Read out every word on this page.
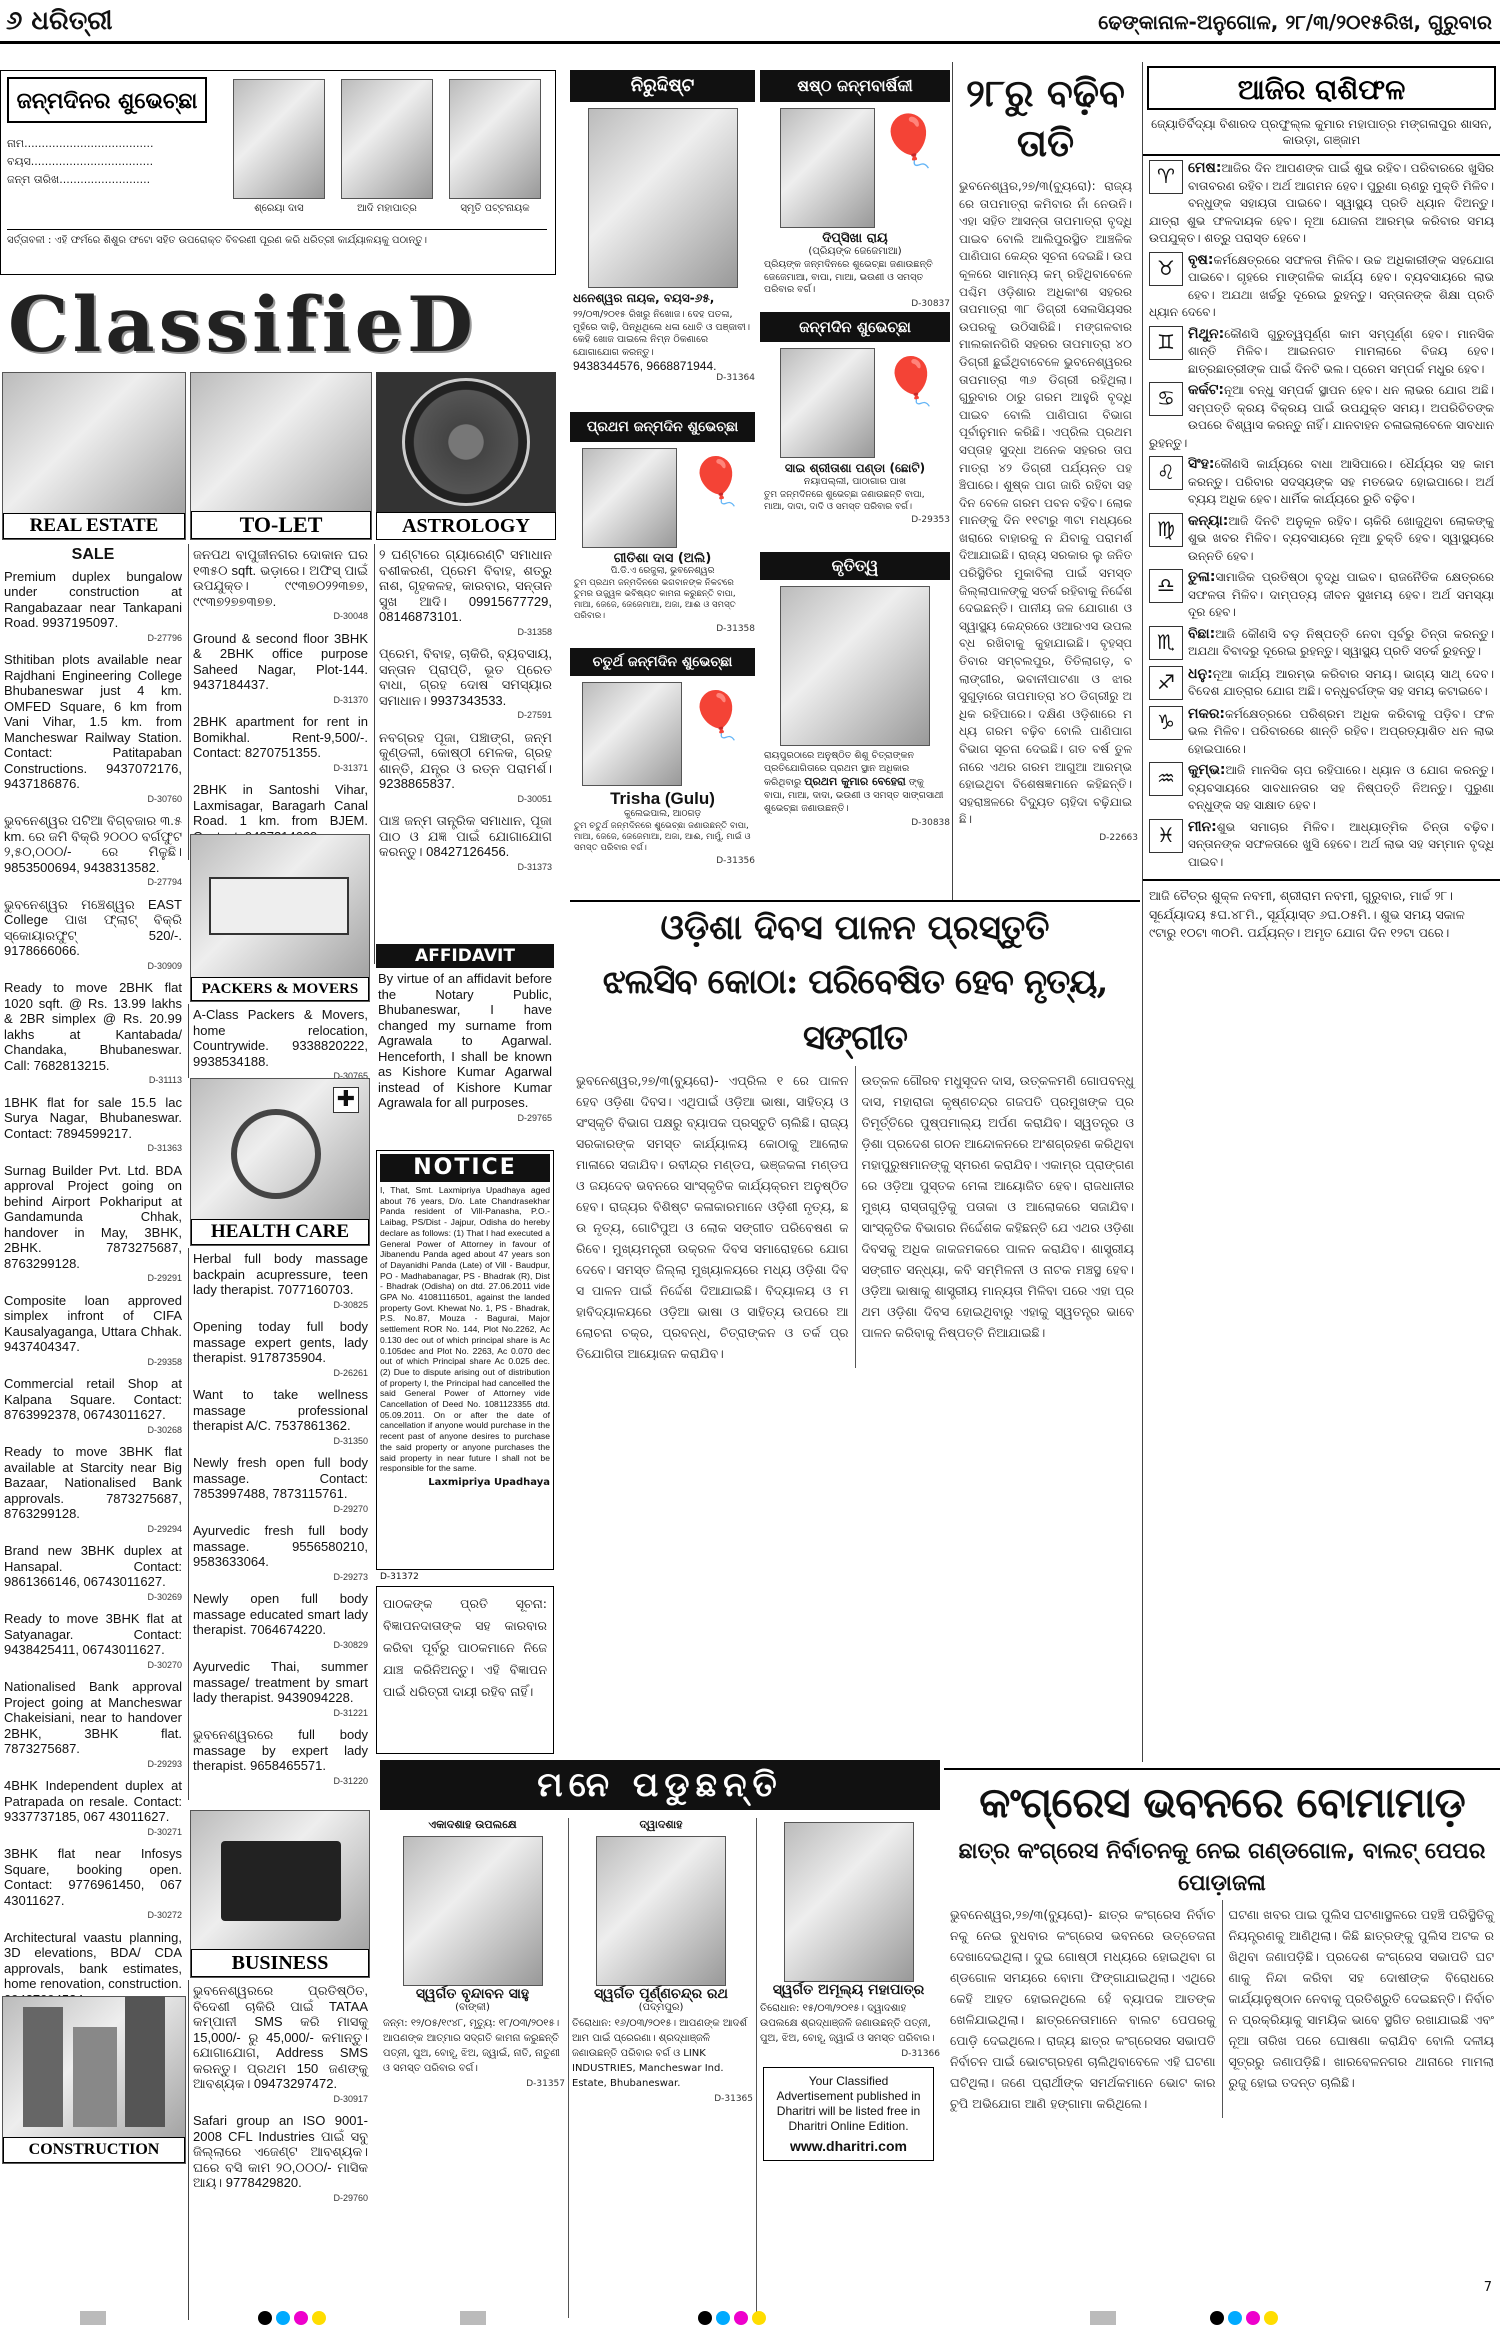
୬ ଧରିତ୍ରୀ	ଢେଙ୍କାନାଳ-ଅନୁଗୋଳ, ୨୮/୩/୨୦୧୫ରିଖ, ଗୁରୁବାର
ଜନ୍ମଦିନର ଶୁଭେଚ୍ଛା
ନାମ.....................................
ବୟସ...................................
ଜନ୍ମ ତାରିଖ..........................
ଶ୍ରେୟା ଦାସ	ଆଦି ମହାପାତ୍ର	ସ୍ମୃତି ପଟ୍ଟନାୟକ
ସର୍ତ୍ତାବଳୀ : ଏହି ଫର୍ମରେ ଶିଶୁର ଫଟୋ ସହିତ ଉପରୋକ୍ତ ବିବରଣୀ ପୂରଣ କରି ଧରିତ୍ରୀ କାର୍ଯ୍ୟାଳୟକୁ ପଠାନ୍ତୁ।
ClassifieD
REAL ESTATE	TO-LET	ASTROLOGY

SALE

Premium duplex bungalow under construction at Rangabazaar near Tankapani Road. 9937195097.
D-27796

Sthitiban plots available near Rajdhani Engineering College Bhubaneswar just 4 km. OMFED Square, 6 km from Vani Vihar, 1.5 km. from Mancheswar Railway Station. Contact: Patitapaban Constructions. 9437072176, 9437186876.
D-30760

ଭୁବନେଶ୍ୱର ପଟିଆ ବିଗ୍‌ବଜାର ୩.୫ km. ରେ ଜମି ବିକ୍ରି ୨୦୦୦ ବର୍ଗଫୁଟ ୨,୫୦,୦୦୦/- ରେ ମିଳୁଛି। 9853500694, 9438313582.
D-27794

ଭୁବନେଶ୍ୱର ମଞ୍ଚେଶ୍ୱର EAST College ପାଖ ଫ୍ଲାଟ୍ ବିକ୍ରି ସ୍କୋୟାରଫୁଟ୍ 520/-. 9178666066.
D-30909

Ready to move 2BHK flat 1020 sqft. @ Rs. 13.99 lakhs & 2BR simplex @ Rs. 20.99 lakhs at Kantabada/ Chandaka, Bhubaneswar. Call: 7682813215.
D-31113

1BHK flat for sale 15.5 lac Surya Nagar, Bhubaneswar. Contact: 7894599217.
D-31363

Surnag Builder Pvt. Ltd. BDA approval Project going on behind Airport Pokhariput at Gandamunda Chhak, handover in May, 3BHK, 2BHK. 7873275687, 8763299128.
D-29291

Composite loan approved simplex infront of CIFA Kausalyaganga, Uttara Chhak. 9437404347.
D-29358

Commercial retail Shop at Kalpana Square. Contact: 8763992378, 06743011627.
D-30268

Ready to move 3BHK flat available at Starcity near Big Bazaar, Nationalised Bank approvals. 7873275687, 8763299128.
D-29294

Brand new 3BHK duplex at Hansapal. Contact: 9861366146, 06743011627.
D-30269

Ready to move 3BHK flat at Satyanagar. Contact: 9438425411, 06743011627.
D-30270

Nationalised Bank approval Project going at Mancheswar Chakeisiani, near to handover 2BHK, 3BHK flat. 7873275687.
D-29293

4BHK Independent duplex at Patrapada on resale. Contact: 9337737185, 067 43011627.
D-30271

3BHK flat near Infosys Square, booking open. Contact: 9776961450, 067 43011627.
D-30272

Architectural vaastu planning, 3D elevations, BDA/ CDA approvals, bank estimates, home renovation, construction.

ଜନପଥ ବାପୁଜୀନଗର ଦୋକାନ ଘର ୧୩୫୦ sqft. ଭଡ଼ାରେ। ଅଫିସ୍ ପାଇଁ ଉପଯୁକ୍ତ। ୯୯୩୭୦୨୨୩୭୭, ୯୯୩୭୨୭୭୩୭୭.
D-30048

Ground & second floor 3BHK & 2BHK office purpose Saheed Nagar, Plot-144. 9437184437.
D-31370

2BHK apartment for rent in Bomikhal. Rent-9,500/-. Contact: 8270751355.
D-31371

2BHK in Santoshi Vihar, Laxmisagar, Baragarh Canal Road. 1 km. from BJEM.

PACKERS & MOVERS

A-Class Packers & Movers, home relocation, Countrywide. 9338820222, 9938534188.
D-30765

✚
HEALTH CARE

Herbal full body massage backpain acupressure, teen lady therapist. 7077160703.
D-30825

Opening today full body massage expert gents, lady therapist. 9178735904.
D-26261

Want to take wellness massage professional therapist A/C. 7537861362.
D-31350

Newly fresh open full body massage. Contact: 7853997488, 7873115761.
D-29270

Ayurvedic fresh full body massage. 9556580210, 9583633064.
D-29273

Newly open full body massage educated smart lady therapist. 7064674220.
D-30829

Ayurvedic Thai, summer massage/ treatment by smart lady therapist. 9439094228.
D-31221

ଭୁବନେଶ୍ୱରରେ full body massage by expert lady therapist. 9658465571.
D-31220

BUSINESS

ଭୁବନେଶ୍ୱରରେ ପ୍ରତିଷ୍ଠିତ, ବିଦେଶୀ ଚାକିରି ପାଇଁ TATAA କମ୍ପାନୀ SMS କରି ମାସକୁ 15,000/- ରୁ 45,000/- କମାନ୍ତୁ। ଯୋଗାଯୋଗ, Address SMS କରନ୍ତୁ। ପ୍ରଥମ 150 ଜଣଙ୍କୁ ଆବଶ୍ୟକ। 09473297472.
D-30917

Safari group an ISO 9001-2008 CFL Industries ପାଇଁ ସବୁ ଜିଲ୍ଲାରେ ଏଜେଣ୍ଟ ଆବଶ୍ୟକ। ଘରେ ବସି କାମ ୨୦,୦୦୦/- ମାସିକ ଆୟ। 9778429820.
D-29760

୨ ଘଣ୍ଟାରେ ଗ୍ୟାରେଣ୍ଟି ସମାଧାନ ବଶୀକରଣ, ପ୍ରେମ ବିବାହ, ଶତ୍ରୁ ନାଶ, ଗୃହକଳହ, କାରବାର, ସନ୍ତାନ ସୁଖ ଆଦି। 09915677729, 08146873101.
D-31358

ପ୍ରେମ, ବିବାହ, ଚାକିରି, ବ୍ୟବସାୟ, ସନ୍ତାନ ପ୍ରାପ୍ତି, ଭୂତ ପ୍ରେତ ବାଧା, ଗ୍ରହ ଦୋଷ ସମସ୍ୟାର ସମାଧାନ। 9937343533.
D-27591

ନବଗ୍ରହ ପୂଜା, ପଞ୍ଚାଙ୍ଗ, ଜନ୍ମ କୁଣ୍ଡଳୀ, କୋଷ୍ଠୀ ମେଳକ, ଗ୍ରହ ଶାନ୍ତି, ଯନ୍ତ୍ର ଓ ରତ୍ନ ପରାମର୍ଶ। 9238865837.
D-30051

ପାଞ୍ଚ ଜନ୍ମ ତାନ୍ତ୍ରିକ ସମାଧାନ, ପୂଜା ପାଠ ଓ ଯଜ୍ଞ ପାଇଁ ଯୋଗାଯୋଗ କରନ୍ତୁ। 08427126456.
D-31373

AFFIDAVIT
By virtue of an affidavit before the Notary Public, Bhubaneswar, I have changed my surname from Agrawala to Agarwal. Henceforth, I shall be known as Kishore Kumar Agarwal instead of Kishore Kumar Agrawala for all purposes.
D-29765
NOTICE
I, That, Smt. Laxmipriya Upadhaya aged about 76 years, D/o. Late Chandrasekhar Panda resident of Vill-Panasha, P.O.- Laibag, PS/Dist - Jajpur, Odisha do hereby declare as follows: (1) That I had executed a General Power of Attorney in favour of Jibanendu Panda aged about 47 years son of Dayanidhi Panda (Late) of Vill - Baudpur, PO - Madhabanagar, PS - Bhadrak (R), Dist - Bhadrak (Odisha) on dtd. 27.06.2011 vide GPA No. 41081116501, against the landed property Govt. Khewat No. 1, PS - Bhadrak, P.S. No.87, Mouza - Bagurai, Major settlement ROR No. 144, Plot No.2262, Ac 0.130 dec out of which principal share is Ac 0.105dec and Plot No. 2263, Ac 0.070 dec out of which Principal share Ac 0.025 dec. (2) Due to dispute arising out of distribution of property I, the Principal had cancelled the said General Power of Attorney vide Cancellation of Deed No. 1081123355 dtd. 05.09.2011. On or after the date of cancellation if anyone would purchase in the recent past of anyone desires to purchase the said property or anyone purchases the said property in near future I shall not be responsible for the same.
Laxmipriya Upadhaya
D-31372
ପାଠକଙ୍କ ପ୍ରତି ସୂଚନା: ବିଜ୍ଞାପନଦାତାଙ୍କ ସହ କାରବାର କରିବା ପୂର୍ବରୁ ପାଠକମାନେ ନିଜେ ଯାଞ୍ଚ କରିନିଅନ୍ତୁ। ଏହି ବିଜ୍ଞାପନ ପାଇଁ ଧରିତ୍ରୀ ଦାୟୀ ରହିବ ନାହିଁ।
CONSTRUCTION
ନିରୁଦ୍ଦିଷ୍ଟ
ଧନେଶ୍ୱର ନାୟକ, ବୟସ-୬୫,
୨୨/୦୩/୨୦୧୫ ରିଖରୁ ନିଖୋଜ। ଦେହ ପତଳା, ମୁହଁରେ ଦାଢ଼ି, ପିନ୍ଧିଥିଲେ ଧଳା ଧୋତି ଓ ପଞ୍ଜାବୀ। କେହି ଖୋଜ ପାଇଲେ ନିମ୍ନ ଠିକଣାରେ ଯୋଗାଯୋଗ କରନ୍ତୁ।
9438344576, 9668871944.
D-31364
ଷଷ୍ଠ ଜନ୍ମବାର୍ଷିକୀ
🎈
ଦିପ୍ସିଖା ରାୟ
(ପ୍ରିୟଙ୍କ ଜେଜେମାଆ)
ପ୍ରିୟଙ୍କ ଜନ୍ମଦିନରେ ଶୁଭେଚ୍ଛା ଜଣାଉଛନ୍ତି ଜେଜେମାଆ, ବାପା, ମାଆ, ଭଉଣୀ ଓ ସମସ୍ତ ପରିବାର ବର୍ଗ।
D-30837
ଜନ୍ମଦିନ ଶୁଭେଚ୍ଛା
🎈
ସାଇ ଶ୍ରୀତାଶା ପଣ୍ଡା (ଛୋଟି)
ନୟାପଲ୍ଲୀ, ପାଠାଗାର ପାଖ
ତୁମ ଜନ୍ମଦିନରେ ଶୁଭେଚ୍ଛା ଜଣାଉଛନ୍ତି ବାପା, ମାଆ, ଦାଦା, ଦାଦି ଓ ସମସ୍ତ ପରିବାର ବର୍ଗ।
D-29353
ପ୍ରଥମ ଜନ୍ମଦିନ ଶୁଭେଚ୍ଛା
🎈
ଗୀତିଶା ଦାସ (ଅଲି)
ପି.ଡି.ଏ ରେଜୁଲା, ଭୁବନେଶ୍ୱର
ତୁମ ପ୍ରଥମ ଜନ୍ମଦିନରେ ଭଗବାନଙ୍କ ନିକଟରେ ତୁମର ଉଜ୍ଜ୍ୱଳ ଭବିଷ୍ୟତ କାମନା କରୁଛନ୍ତି ବାପା, ମାଆ, ଜେଜେ, ଜେଜେମାଆ, ଅଜା, ଆଈ ଓ ସମସ୍ତ ପରିବାର।
D-31358
କୃତିତ୍ୱ
ରାୟପୁରଠାରେ ଅନୁଷ୍ଠିତ ଶିଶୁ ଚିତ୍ରାଙ୍କନ ପ୍ରତିଯୋଗିତାରେ ପ୍ରଥମ ସ୍ଥାନ ଅଧିକାର କରିଥିବାରୁ ପ୍ରଥମ କୁମାର ବେହେରା ଙ୍କୁ ବାପା, ମାଆ, ଦାଦା, ଭଉଣୀ ଓ ସମସ୍ତ ସାଙ୍ଗସାଥୀ ଶୁଭେଚ୍ଛା ଜଣାଉଛନ୍ତି।
D-30838
ଚତୁର୍ଥ ଜନ୍ମଦିନ ଶୁଭେଚ୍ଛା
🎈
Trisha (Gulu)
କୁଲେଇପାଲ, ଆଠଗଡ଼
ତୁମ ଚତୁର୍ଥ ଜନ୍ମଦିନରେ ଶୁଭେଚ୍ଛା ଜଣାଉଛନ୍ତି ବାପା, ମାଆ, ଜେଜେ, ଜେଜେମାଆ, ଅଜା, ଆଈ, ମାମୁଁ, ମାଇଁ ଓ ସମସ୍ତ ପରିବାର ବର୍ଗ।
D-31356
୨୮ରୁ ବଢ଼ିବ ତାତି
ଭୁବନେଶ୍ୱର,୨୭/୩(ବ୍ୟୁରୋ): ରାଜ୍ୟରେ ତାପମାତ୍ରା କମିବାର ନାଁ ନେଉନି। ଏହା ସହିତ ଆସନ୍ତା ତାପମାତ୍ରା ବୃଦ୍ଧି ପାଇବ ବୋଲି ଆଲିପୁରସ୍ଥିତ ଆଞ୍ଚଳିକ ପାଣିପାଗ କେନ୍ଦ୍ର ସୂଚନା ଦେଇଛି। ଉପକୂଳରେ ସାମାନ୍ୟ କମ୍ ରହିଥିବାବେଳେ ପଶ୍ଚିମ ଓଡ଼ିଶାର ଅଧିକାଂଶ ସହରର ତାପମାତ୍ରା ୩୮ ଡିଗ୍ରୀ ସେଲସିୟସର ଉପରକୁ ଉଠିସାରିଛି। ମଙ୍ଗଳବାର ମାଲକାନଗିରି ସହରର ତାପମାତ୍ରା ୪୦ ଡିଗ୍ରୀ ଛୁଇଁଥିବାବେଳେ ଭୁବନେଶ୍ୱରର ତାପମାତ୍ରା ୩୬ ଡିଗ୍ରୀ ରହିଥିଲା। ଗୁରୁବାର ଠାରୁ ଗରମ ଆହୁରି ବୃଦ୍ଧି ପାଇବ ବୋଲି ପାଣିପାଗ ବିଭାଗ ପୂର୍ବାନୁମାନ କରିଛି। ଏପ୍ରିଲ ପ୍ରଥମ ସପ୍ତାହ ସୁଦ୍ଧା ଅନେକ ସହରର ତାପମାତ୍ରା ୪୨ ଡିଗ୍ରୀ ପର୍ଯ୍ୟନ୍ତ ପହଞ୍ଚିପାରେ। ଶୁଷ୍କ ପାଗ ଜାରି ରହିବା ସହ ଦିନ ବେଳେ ଗରମ ପବନ ବହିବ। ଲୋକମାନଙ୍କୁ ଦିନ ୧୧ଟାରୁ ୩ଟା ମଧ୍ୟରେ ଖରାରେ ବାହାରକୁ ନ ଯିବାକୁ ପରାମର୍ଶ ଦିଆଯାଇଛି। ରାଜ୍ୟ ସରକାର ଲୁ ଜନିତ ପରିସ୍ଥିତିର ମୁକାବିଲା ପାଇଁ ସମସ୍ତ ଜିଲ୍ଲାପାଳଙ୍କୁ ସତର୍କ ରହିବାକୁ ନିର୍ଦ୍ଦେଶ ଦେଇଛନ୍ତି। ପାନୀୟ ଜଳ ଯୋଗାଣ ଓ ସ୍ୱାସ୍ଥ୍ୟ କେନ୍ଦ୍ରରେ ଓଆରଏସ ଉପଲବ୍ଧ ରଖିବାକୁ କୁହାଯାଇଛି। ବୃହସ୍ପତିବାର ସମ୍ବଲପୁର, ତିତିଲାଗଡ଼, ବଲାଙ୍ଗୀର, ଭବାନୀପାଟଣା ଓ ଝାରସୁଗୁଡ଼ାରେ ତାପମାତ୍ରା ୪୦ ଡିଗ୍ରୀରୁ ଅଧିକ ରହିପାରେ। ଦକ୍ଷିଣ ଓଡ଼ିଶାରେ ମଧ୍ୟ ଗରମ ବଢ଼ିବ ବୋଲି ପାଣିପାଗ ବିଭାଗ ସୂଚନା ଦେଇଛି। ଗତ ବର୍ଷ ତୁଳନାରେ ଏଥର ଗରମ ଆଗୁଆ ଆରମ୍ଭ ହୋଇଥିବା ବିଶେଷଜ୍ଞମାନେ କହିଛନ୍ତି। ସହରାଞ୍ଚଳରେ ବିଦ୍ୟୁତ ଚାହିଦା ବଢ଼ିଯାଇଛି।
D-22663
ଆଜିର ରାଶିଫଳ
ଜ୍ୟୋତିର୍ବିଦ୍ୟା ବିଶାରଦ ପ୍ରଫୁଲ୍ଲ କୁମାର ମହାପାତ୍ର ମଙ୍ଗଳାପୁର ଶାସନ, କାଉଡ଼ା, ଗଞ୍ଜାମ
♈ ମେଷ:ଆଜିର ଦିନ ଆପଣଙ୍କ ପାଇଁ ଶୁଭ ରହିବ। ପରିବାରରେ ଖୁସିର ବାତାବରଣ ରହିବ। ଅର୍ଥ ଆଗମନ ହେବ। ପୁରୁଣା ଋଣରୁ ମୁକ୍ତି ମିଳିବ। ବନ୍ଧୁଙ୍କ ସହାୟତା ପାଇବେ। ସ୍ୱାସ୍ଥ୍ୟ ପ୍ରତି ଧ୍ୟାନ ଦିଅନ୍ତୁ। ଯାତ୍ରା ଶୁଭ ଫଳଦାୟକ ହେବ। ନୂଆ ଯୋଜନା ଆରମ୍ଭ କରିବାର ସମୟ ଉପଯୁକ୍ତ। ଶତ୍ରୁ ପରାସ୍ତ ହେବେ।
♉ ବୃଷ:କର୍ମକ୍ଷେତ୍ରରେ ସଫଳତା ମିଳିବ। ଉଚ୍ଚ ଅଧିକାରୀଙ୍କ ସହଯୋଗ ପାଇବେ। ଗୃହରେ ମାଙ୍ଗଳିକ କାର୍ଯ୍ୟ ହେବ। ବ୍ୟବସାୟରେ ଲାଭ ହେବ। ଅଯଥା ଖର୍ଚ୍ଚରୁ ଦୂରେଇ ରୁହନ୍ତୁ। ସନ୍ତାନଙ୍କ ଶିକ୍ଷା ପ୍ରତି ଧ୍ୟାନ ଦେବେ।
♊ ମିଥୁନ:କୌଣସି ଗୁରୁତ୍ୱପୂର୍ଣ୍ଣ କାମ ସମ୍ପୂର୍ଣ୍ଣ ହେବ। ମାନସିକ ଶାନ୍ତି ମିଳିବ। ଆଇନଗତ ମାମଲାରେ ବିଜୟ ହେବ। ଛାତ୍ରଛାତ୍ରୀଙ୍କ ପାଇଁ ଦିନଟି ଭଲ। ପ୍ରେମ ସମ୍ପର୍କ ମଧୁର ହେବ।
♋ କର୍କଟ:ନୂଆ ବନ୍ଧୁ ସମ୍ପର୍କ ସ୍ଥାପନ ହେବ। ଧନ ଲାଭର ଯୋଗ ଅଛି। ସମ୍ପତ୍ତି କ୍ରୟ ବିକ୍ରୟ ପାଇଁ ଉପଯୁକ୍ତ ସମୟ। ଅପରିଚିତଙ୍କ ଉପରେ ବିଶ୍ୱାସ କରନ୍ତୁ ନାହିଁ। ଯାନବାହନ ଚଳାଇଲାବେଳେ ସାବଧାନ ରୁହନ୍ତୁ।
♌ ସିଂହ:କୌଣସି କାର୍ଯ୍ୟରେ ବାଧା ଆସିପାରେ। ଧୈର୍ଯ୍ୟର ସହ କାମ କରନ୍ତୁ। ପରିବାର ସଦସ୍ୟଙ୍କ ସହ ମତଭେଦ ହୋଇପାରେ। ଅର୍ଥ ବ୍ୟୟ ଅଧିକ ହେବ। ଧାର୍ମିକ କାର୍ଯ୍ୟରେ ରୁଚି ବଢ଼ିବ।
♍ କନ୍ୟା:ଆଜି ଦିନଟି ଅନୁକୂଳ ରହିବ। ଚାକିରି ଖୋଜୁଥିବା ଲୋକଙ୍କୁ ଶୁଭ ଖବର ମିଳିବ। ବ୍ୟବସାୟରେ ନୂଆ ଚୁକ୍ତି ହେବ। ସ୍ୱାସ୍ଥ୍ୟରେ ଉନ୍ନତି ହେବ।
♎ ତୁଳା:ସାମାଜିକ ପ୍ରତିଷ୍ଠା ବୃଦ୍ଧି ପାଇବ। ରାଜନୈତିକ କ୍ଷେତ୍ରରେ ସଫଳତା ମିଳିବ। ଦାମ୍ପତ୍ୟ ଜୀବନ ସୁଖମୟ ହେବ। ଅର୍ଥ ସମସ୍ୟା ଦୂର ହେବ।
♏ ବିଛା:ଆଜି କୌଣସି ବଡ଼ ନିଷ୍ପତ୍ତି ନେବା ପୂର୍ବରୁ ଚିନ୍ତା କରନ୍ତୁ। ଅଯଥା ବିବାଦରୁ ଦୂରେଇ ରୁହନ୍ତୁ। ସ୍ୱାସ୍ଥ୍ୟ ପ୍ରତି ସତର୍କ ରୁହନ୍ତୁ।
♐ ଧନୁ:ନୂଆ କାର୍ଯ୍ୟ ଆରମ୍ଭ କରିବାର ସମୟ। ଭାଗ୍ୟ ସାଥ୍ ଦେବ। ବିଦେଶ ଯାତ୍ରାର ଯୋଗ ଅଛି। ବନ୍ଧୁବର୍ଗଙ୍କ ସହ ସମୟ କଟାଇବେ।
♑ ମକର:କର୍ମକ୍ଷେତ୍ରରେ ପରିଶ୍ରମ ଅଧିକ କରିବାକୁ ପଡ଼ିବ। ଫଳ ଭଲ ମିଳିବ। ପରିବାରରେ ଶାନ୍ତି ରହିବ। ଅପ୍ରତ୍ୟାଶିତ ଧନ ଲାଭ ହୋଇପାରେ।
♒ କୁମ୍ଭ:ଆଜି ମାନସିକ ଚାପ ରହିପାରେ। ଧ୍ୟାନ ଓ ଯୋଗ କରନ୍ତୁ। ବ୍ୟବସାୟରେ ସାବଧାନତାର ସହ ନିଷ୍ପତ୍ତି ନିଅନ୍ତୁ। ପୁରୁଣା ବନ୍ଧୁଙ୍କ ସହ ସାକ୍ଷାତ ହେବ।
♓ ମୀନ:ଶୁଭ ସମାଚାର ମିଳିବ। ଆଧ୍ୟାତ୍ମିକ ଚିନ୍ତା ବଢ଼ିବ। ସନ୍ତାନଙ୍କ ସଫଳତାରେ ଖୁସି ହେବେ। ଅର୍ଥ ଲାଭ ସହ ସମ୍ମାନ ବୃଦ୍ଧି ପାଇବ।
ଆଜି ଚୈତ୍ର ଶୁକ୍ଳ ନବମୀ, ଶ୍ରୀରାମ ନବମୀ, ଗୁରୁବାର, ମାର୍ଚ୍ଚ ୨୮। ସୂର୍ଯ୍ୟୋଦୟ ୫ଘ.୪୮ମି., ସୂର୍ଯ୍ୟାସ୍ତ ୬ଘ.୦୫ମି.। ଶୁଭ ସମୟ ସକାଳ ୯ଟାରୁ ୧୦ଟା ୩୦ମି. ପର୍ଯ୍ୟନ୍ତ। ଅମୃତ ଯୋଗ ଦିନ ୧୨ଟା ପରେ।
ଓଡ଼ିଶା ଦିବସ ପାଳନ ପ୍ରସ୍ତୁତି
ଝଲସିବ କୋଠା: ପରିବେଷିତ ହେବ ନୃତ୍ୟ, ସଙ୍ଗୀତ
ଭୁବନେଶ୍ୱର,୨୭/୩(ବ୍ୟୁରୋ)- ଏପ୍ରିଲ ୧ ରେ ପାଳନ ହେବ ଓଡ଼ିଶା ଦିବସ। ଏଥିପାଇଁ ଓଡ଼ିଆ ଭାଷା, ସାହିତ୍ୟ ଓ ସଂସ୍କୃତି ବିଭାଗ ପକ୍ଷରୁ ବ୍ୟାପକ ପ୍ରସ୍ତୁତି ଚାଲିଛି। ରାଜ୍ୟ ସରକାରଙ୍କ ସମସ୍ତ କାର୍ଯ୍ୟାଳୟ କୋଠାକୁ ଆଲୋକ ମାଳାରେ ସଜାଯିବ। ରବୀନ୍ଦ୍ର ମଣ୍ଡପ, ଭଞ୍ଜକଳା ମଣ୍ଡପ ଓ ଜୟଦେବ ଭବନରେ ସାଂସ୍କୃତିକ କାର୍ଯ୍ୟକ୍ରମ ଅନୁଷ୍ଠିତ ହେବ। ରାଜ୍ୟର ବିଶିଷ୍ଟ କଳାକାରମାନେ ଓଡ଼ିଶୀ ନୃତ୍ୟ, ଛଉ ନୃତ୍ୟ, ଗୋଟିପୁଅ ଓ ଲୋକ ସଙ୍ଗୀତ ପରିବେଷଣ କରିବେ। ମୁଖ୍ୟମନ୍ତ୍ରୀ ଉକ୍ରଳ ଦିବସ ସମାରୋହରେ ଯୋଗ ଦେବେ। ସମସ୍ତ ଜିଲ୍ଲା ମୁଖ୍ୟାଳୟରେ ମଧ୍ୟ ଓଡ଼ିଶା ଦିବସ ପାଳନ ପାଇଁ ନିର୍ଦ୍ଦେଶ ଦିଆଯାଇଛି। ବିଦ୍ୟାଳୟ ଓ ମହାବିଦ୍ୟାଳୟରେ ଓଡ଼ିଆ ଭାଷା ଓ ସାହିତ୍ୟ ଉପରେ ଆଲୋଚନା ଚକ୍ର, ପ୍ରବନ୍ଧ, ଚିତ୍ରାଙ୍କନ ଓ ତର୍କ ପ୍ରତିଯୋଗିତା ଆୟୋଜନ କରାଯିବ।
ଉତ୍କଳ ଗୌରବ ମଧୁସୂଦନ ଦାସ, ଉତ୍କଳମଣି ଗୋପବନ୍ଧୁ ଦାସ, ମହାରାଜା କୃଷ୍ଣଚନ୍ଦ୍ର ଗଜପତି ପ୍ରମୁଖଙ୍କ ପ୍ରତିମୂର୍ତ୍ତିରେ ପୁଷ୍ପମାଲ୍ୟ ଅର୍ପଣ କରାଯିବ। ସ୍ୱତନ୍ତ୍ର ଓଡ଼ିଶା ପ୍ରଦେଶ ଗଠନ ଆନ୍ଦୋଳନରେ ଅଂଶଗ୍ରହଣ କରିଥିବା ମହାପୁରୁଷମାନଙ୍କୁ ସ୍ମରଣ କରାଯିବ। ଏକାମ୍ର ପ୍ରାଙ୍ଗଣରେ ଓଡ଼ିଆ ପୁସ୍ତକ ମେଳା ଆୟୋଜିତ ହେବ। ରାଜଧାନୀର ମୁଖ୍ୟ ରାସ୍ତାଗୁଡ଼ିକୁ ପତାକା ଓ ଆଲୋକରେ ସଜାଯିବ। ସାଂସ୍କୃତିକ ବିଭାଗର ନିର୍ଦ୍ଦେଶକ କହିଛନ୍ତି ଯେ ଏଥର ଓଡ଼ିଶା ଦିବସକୁ ଅଧିକ ଜାକଜମକରେ ପାଳନ କରାଯିବ। ଶାସ୍ତ୍ରୀୟ ସଙ୍ଗୀତ ସନ୍ଧ୍ୟା, କବି ସମ୍ମିଳନୀ ଓ ନାଟକ ମଞ୍ଚସ୍ଥ ହେବ। ଓଡ଼ିଆ ଭାଷାକୁ ଶାସ୍ତ୍ରୀୟ ମାନ୍ୟତା ମିଳିବା ପରେ ଏହା ପ୍ରଥମ ଓଡ଼ିଶା ଦିବସ ହୋଇଥିବାରୁ ଏହାକୁ ସ୍ୱତନ୍ତ୍ର ଭାବେ ପାଳନ କରିବାକୁ ନିଷ୍ପତ୍ତି ନିଆଯାଇଛି।
ମନେ ପଡୁଛନ୍ତି
ଏକାଦଶାହ ଉପଲକ୍ଷେ
ସ୍ୱର୍ଗତ ବୃନ୍ଦାବନ ସାହୁ
(ବାଙ୍କୀ)
ଜନ୍ମ: ୧୨/୦୫/୧୯୪୮, ମୃତ୍ୟୁ: ୧୮/୦୩/୨୦୧୫। ଆପଣଙ୍କ ଆତ୍ମାର ସଦ୍‌ଗତି କାମନା କରୁଛନ୍ତି ପତ୍ନୀ, ପୁଅ, ବୋହୂ, ଝିଅ, ଜ୍ୱାଇଁ, ନାତି, ନାତୁଣୀ ଓ ସମସ୍ତ ପରିବାର ବର୍ଗ।
D-31357
ଦ୍ୱାଦଶାହ
ସ୍ୱର୍ଗତ ପୂର୍ଣ୍ଣଚନ୍ଦ୍ର ରଥ
(ପଦ୍ମପୁର)
ତିରୋଧାନ: ୧୬/୦୩/୨୦୧୫। ଆପଣଙ୍କ ଆଦର୍ଶ ଆମ ପାଇଁ ପ୍ରେରଣା। ଶ୍ରଦ୍ଧାଞ୍ଜଳି ଜଣାଉଛନ୍ତି ପରିବାର ବର୍ଗ ଓ LINK INDUSTRIES, Mancheswar Ind. Estate, Bhubaneswar.
D-31365
ସ୍ୱର୍ଗତ ଅମୂଲ୍ୟ ମହାପାତ୍ର
ତିରୋଧାନ: ୧୫/୦୩/୨୦୧୫। ଦ୍ୱାଦଶାହ ଉପଲକ୍ଷେ ଶ୍ରଦ୍ଧାଞ୍ଜଳି ଜଣାଉଛନ୍ତି ପତ୍ନୀ, ପୁଅ, ଝିଅ, ବୋହୂ, ଜ୍ୱାଇଁ ଓ ସମସ୍ତ ପରିବାର।
D-31366
Your Classified Advertisement published in Dharitri will be listed free in Dharitri Online Edition.
www.dharitri.com
କଂଗ୍ରେସ ଭବନରେ ବୋମାମାଡ଼
ଛାତ୍ର କଂଗ୍ରେସ ନିର୍ବାଚନକୁ ନେଇ ଗଣ୍ଡଗୋଳ, ବାଲଟ୍ ପେପର ପୋଡ଼ାଜଳା
ଭୁବନେଶ୍ୱର,୨୭/୩(ବ୍ୟୁରୋ)- ଛାତ୍ର କଂଗ୍ରେସ ନିର୍ବାଚନକୁ ନେଇ ବୁଧବାର କଂଗ୍ରେସ ଭବନରେ ଉତ୍ତେଜନା ଦେଖାଦେଇଥିଲା। ଦୁଇ ଗୋଷ୍ଠୀ ମଧ୍ୟରେ ହୋଇଥିବା ଗଣ୍ଡଗୋଳ ସମୟରେ ବୋମା ଫିଙ୍ଗାଯାଇଥିଲା। ଏଥିରେ କେହି ଆହତ ହୋଇନଥିଲେ ହେଁ ବ୍ୟାପକ ଆତଙ୍କ ଖେଳିଯାଇଥିଲା। ଛାତ୍ରନେତାମାନେ ବାଲଟ ପେପରକୁ ପୋଡ଼ି ଦେଇଥିଲେ। ରାଜ୍ୟ ଛାତ୍ର କଂଗ୍ରେସର ସଭାପତି ନିର୍ବାଚନ ପାଇଁ ଭୋଟଗ୍ରହଣ ଚାଲିଥିବାବେଳେ ଏହି ଘଟଣା ଘଟିଥିଲା। ଜଣେ ପ୍ରାର୍ଥୀଙ୍କ ସମର୍ଥକମାନେ ଭୋଟ କାରଚୁପି ଅଭିଯୋଗ ଆଣି ହଙ୍ଗାମା କରିଥିଲେ।
ଘଟଣା ଖବର ପାଇ ପୁଲିସ ଘଟଣାସ୍ଥଳରେ ପହଞ୍ଚି ପରିସ୍ଥିତିକୁ ନିୟନ୍ତ୍ରଣକୁ ଆଣିଥିଲା। କିଛି ଛାତ୍ରଙ୍କୁ ପୁଲିସ ଅଟକ ରଖିଥିବା ଜଣାପଡ଼ିଛି। ପ୍ରଦେଶ କଂଗ୍ରେସ ସଭାପତି ଘଟଣାକୁ ନିନ୍ଦା କରିବା ସହ ଦୋଷୀଙ୍କ ବିରୋଧରେ କାର୍ଯ୍ୟାନୁଷ୍ଠାନ ନେବାକୁ ପ୍ରତିଶ୍ରୁତି ଦେଇଛନ୍ତି। ନିର୍ବାଚନ ପ୍ରକ୍ରିୟାକୁ ସାମୟିକ ଭାବେ ସ୍ଥଗିତ ରଖାଯାଇଛି ଏବଂ ନୂଆ ତାରିଖ ପରେ ଘୋଷଣା କରାଯିବ ବୋଲି ଦଳୀୟ ସୂତ୍ରରୁ ଜଣାପଡ଼ିଛି। ଖାରବେଳନଗର ଥାନାରେ ମାମଲା ରୁଜୁ ହୋଇ ତଦନ୍ତ ଚାଲିଛି।
7
